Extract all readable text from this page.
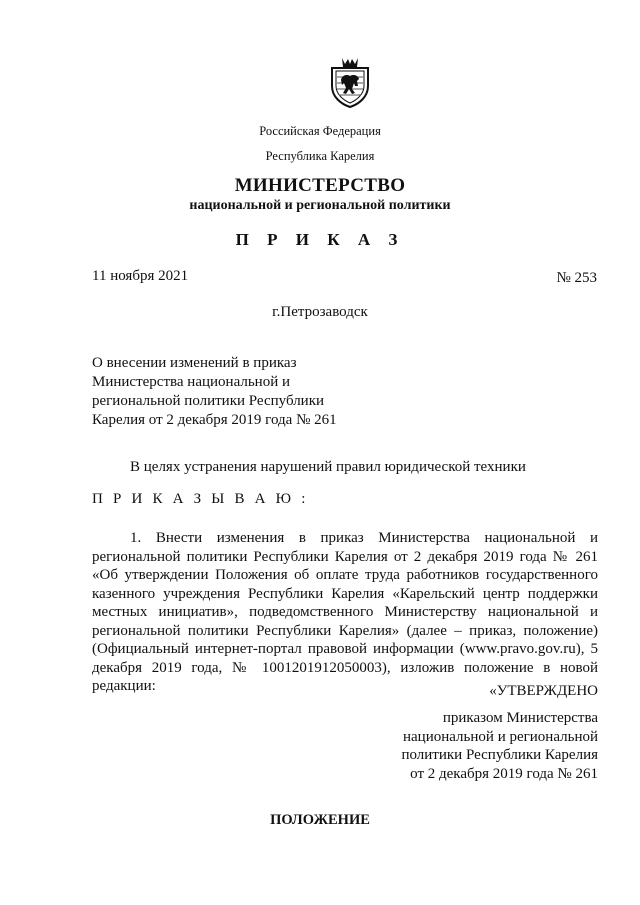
Российская Федерация
Республика Карелия
МИНИСТЕРСТВО
национальной и региональной политики
П Р И К А З
11 ноября 2021	№ 253
г.Петрозаводск
О внесении изменений в приказ
Министерства национальной и
региональной политики Республики
Карелия от 2 декабря 2019 года № 261
В целях устранения нарушений правил юридической техники
П Р И К А З Ы В А Ю :
1. Внести изменения в приказ Министерства национальной и региональной политики Республики Карелия от 2 декабря 2019 года № 261 «Об утверждении Положения об оплате труда работников государственного казенного учреждения Республики Карелия «Карельский центр поддержки местных инициатив», подведомственного Министерству национальной и региональной политики Республики Карелия» (далее – приказ, положение) (Официальный интернет-портал правовой информации (www.pravo.gov.ru), 5 декабря 2019 года, № 1001201912050003), изложив положение в новой редакции:	«УТВЕРЖДЕНО
приказом Министерства
национальной и региональной
политики Республики Карелия
от 2 декабря 2019 года № 261
ПОЛОЖЕНИЕ
